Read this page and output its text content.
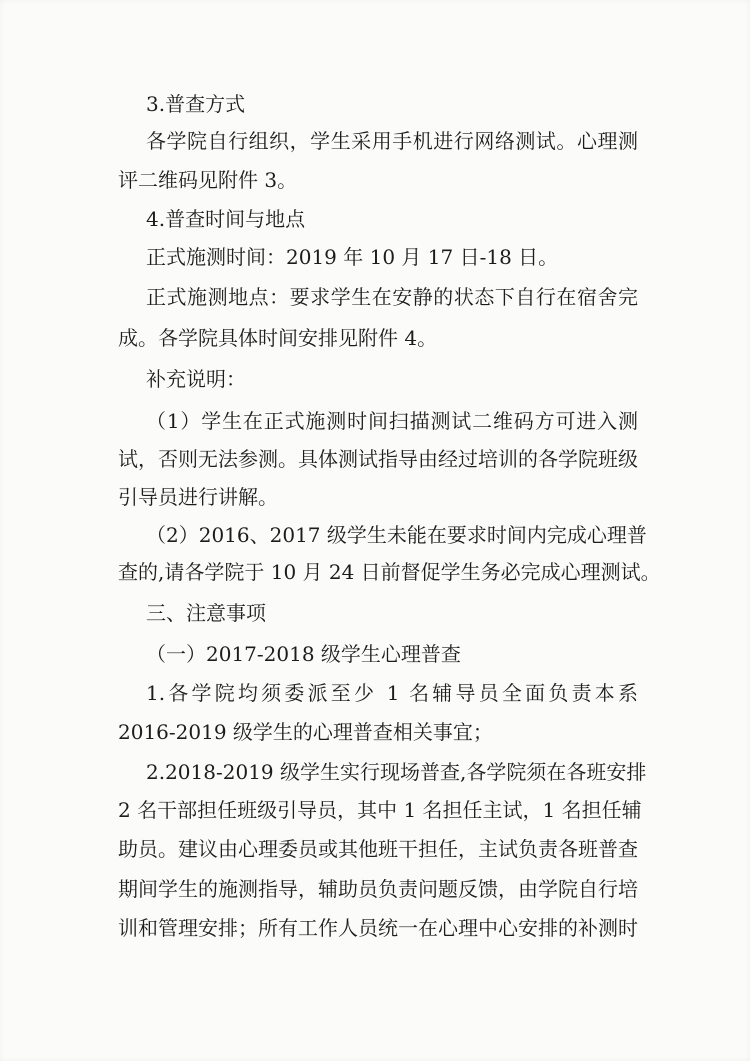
3.普查方式
各学院自行组织，学生采用手机进行网络测试。心理测
评二维码见附件 3。
4.普查时间与地点
正式施测时间：2019 年 10 月 17 日-18 日。
正式施测地点：要求学生在安静的状态下自行在宿舍完
成。各学院具体时间安排见附件 4。
补充说明：
（1）学生在正式施测时间扫描测试二维码方可进入测
试，否则无法参测。具体测试指导由经过培训的各学院班级
引导员进行讲解。
（2）2016、2017 级学生未能在要求时间内完成心理普
查的,请各学院于 10 月 24 日前督促学生务必完成心理测试。
三、注意事项
（一）2017-2018 级学生心理普查
1.各学院均须委派至少 1 名辅导员全面负责本系
2016-2019 级学生的心理普查相关事宜；
2.2018-2019 级学生实行现场普查,各学院须在各班安排
2 名干部担任班级引导员，其中 1 名担任主试，1 名担任辅
助员。建议由心理委员或其他班干担任，主试负责各班普查
期间学生的施测指导，辅助员负责问题反馈，由学院自行培
训和管理安排；所有工作人员统一在心理中心安排的补测时
